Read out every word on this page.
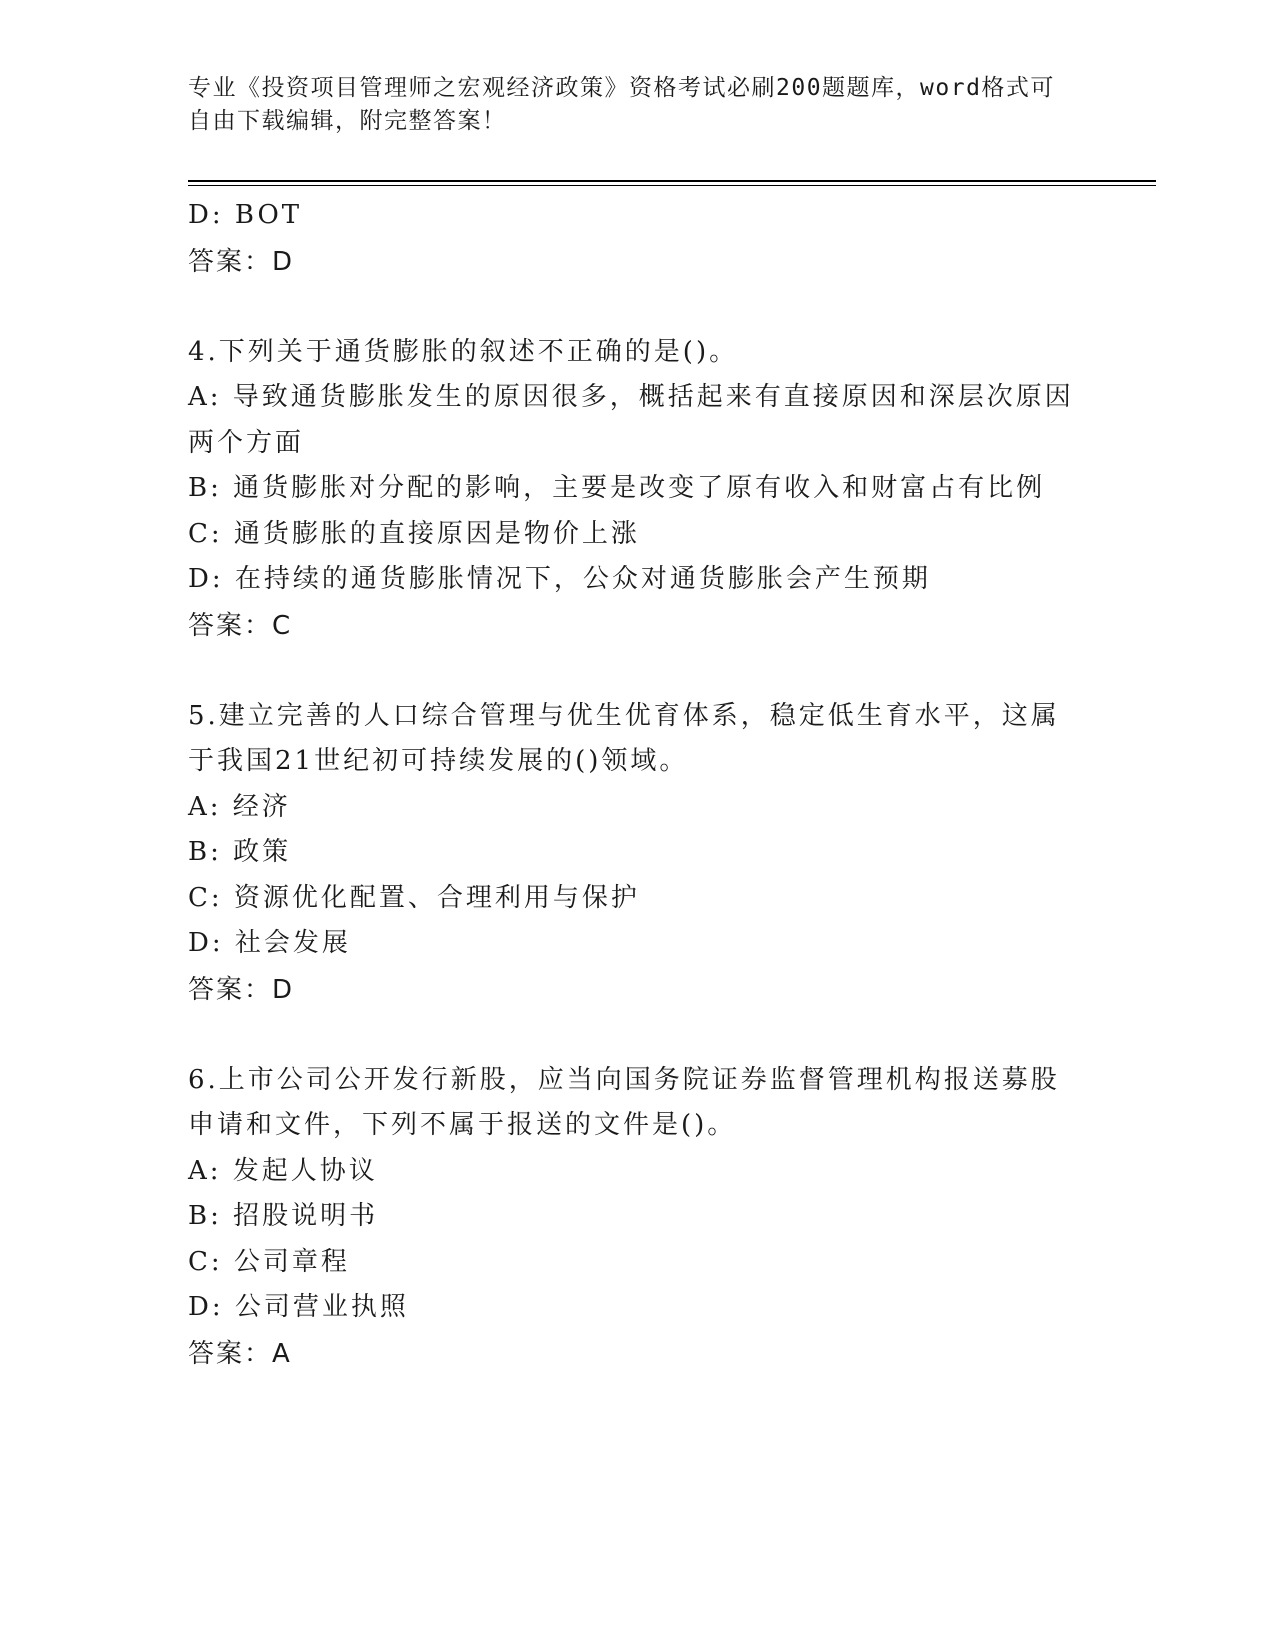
专业《投资项目管理师之宏观经济政策》资格考试必刷200题题库，word格式可
自由下载编辑，附完整答案！
D: BOT
答案：D
4.下列关于通货膨胀的叙述不正确的是()。
A: 导致通货膨胀发生的原因很多，概括起来有直接原因和深层次原因
两个方面
B: 通货膨胀对分配的影响，主要是改变了原有收入和财富占有比例
C: 通货膨胀的直接原因是物价上涨
D: 在持续的通货膨胀情况下，公众对通货膨胀会产生预期
答案：C
5.建立完善的人口综合管理与优生优育体系，稳定低生育水平，这属
于我国21世纪初可持续发展的()领域。
A: 经济
B: 政策
C: 资源优化配置、合理利用与保护
D: 社会发展
答案：D
6.上市公司公开发行新股，应当向国务院证券监督管理机构报送募股
申请和文件，下列不属于报送的文件是()。
A: 发起人协议
B: 招股说明书
C: 公司章程
D: 公司营业执照
答案：A
